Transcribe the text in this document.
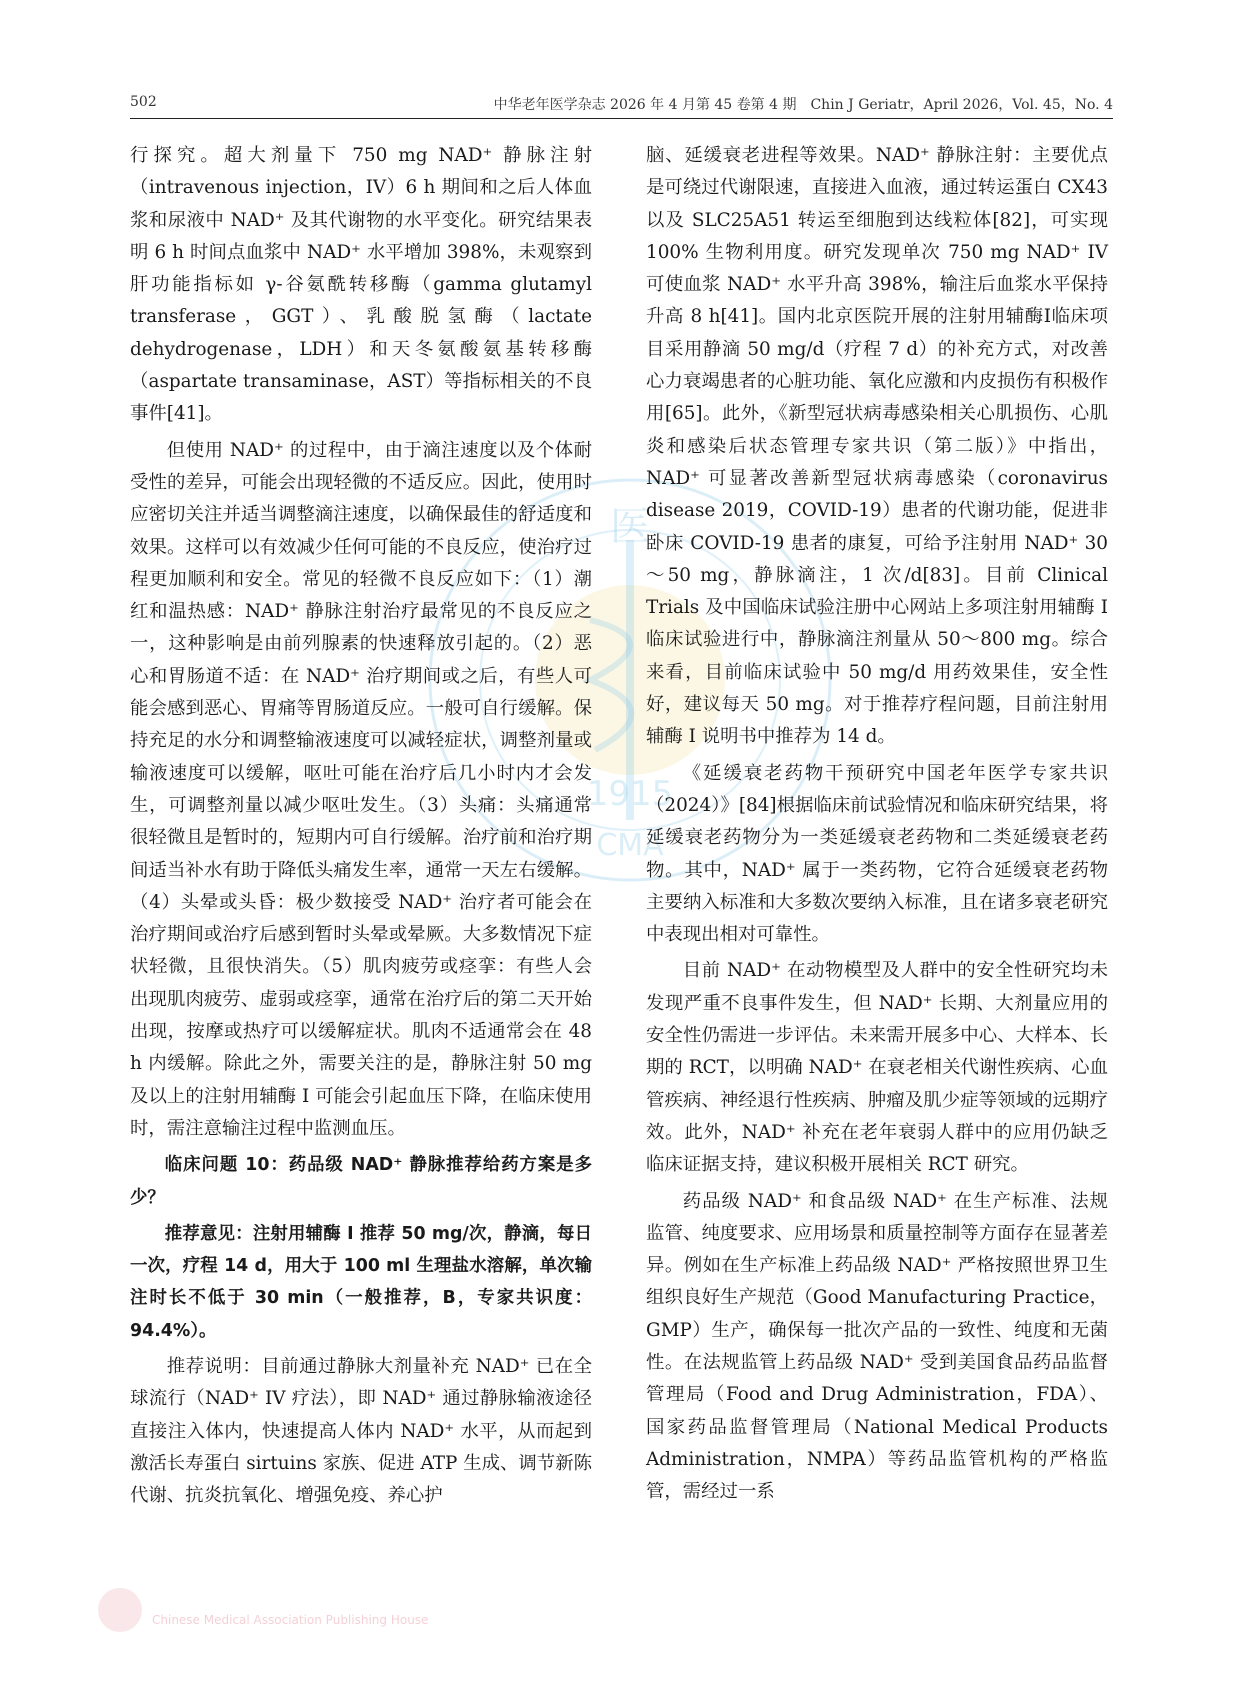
502	中华老年医学杂志 2026 年 4 月第 45 卷第 4 期　Chin J Geriatr，April 2026，Vol. 45，No. 4
医
1915
CMA

行探究。超大剂量下 750 mg NAD⁺ 静脉注射（intravenous injection，IV）6 h 期间和之后人体血浆和尿液中 NAD⁺ 及其代谢物的水平变化。研究结果表明 6 h 时间点血浆中 NAD⁺ 水平增加 398%，未观察到肝功能指标如 γ-谷氨酰转移酶（gamma glutamyl transferase，GGT）、乳酸脱氢酶（lactate dehydrogenase，LDH）和天冬氨酸氨基转移酶（aspartate transaminase，AST）等指标相关的不良事件[41]。

但使用 NAD⁺ 的过程中，由于滴注速度以及个体耐受性的差异，可能会出现轻微的不适反应。因此，使用时应密切关注并适当调整滴注速度，以确保最佳的舒适度和效果。这样可以有效减少任何可能的不良反应，使治疗过程更加顺利和安全。常见的轻微不良反应如下：（1）潮红和温热感：NAD⁺ 静脉注射治疗最常见的不良反应之一，这种影响是由前列腺素的快速释放引起的。（2）恶心和胃肠道不适：在 NAD⁺ 治疗期间或之后，有些人可能会感到恶心、胃痛等胃肠道反应。一般可自行缓解。保持充足的水分和调整输液速度可以减轻症状，调整剂量或输液速度可以缓解，呕吐可能在治疗后几小时内才会发生，可调整剂量以减少呕吐发生。（3）头痛：头痛通常很轻微且是暂时的，短期内可自行缓解。治疗前和治疗期间适当补水有助于降低头痛发生率，通常一天左右缓解。（4）头晕或头昏：极少数接受 NAD⁺ 治疗者可能会在治疗期间或治疗后感到暂时头晕或晕厥。大多数情况下症状轻微，且很快消失。（5）肌肉疲劳或痉挛：有些人会出现肌肉疲劳、虚弱或痉挛，通常在治疗后的第二天开始出现，按摩或热疗可以缓解症状。肌肉不适通常会在 48 h 内缓解。除此之外，需要关注的是，静脉注射 50 mg 及以上的注射用辅酶 I 可能会引起血压下降，在临床使用时，需注意输注过程中监测血压。

临床问题 10：药品级 NAD⁺ 静脉推荐给药方案是多少？

推荐意见：注射用辅酶 I 推荐 50 mg/次，静滴，每日一次，疗程 14 d，用大于 100 ml 生理盐水溶解，单次输注时长不低于 30 min（一般推荐，B，专家共识度：94.4%）。

推荐说明：目前通过静脉大剂量补充 NAD⁺ 已在全球流行（NAD⁺ IV 疗法），即 NAD⁺ 通过静脉输液途径直接注入体内，快速提高人体内 NAD⁺ 水平，从而起到激活长寿蛋白 sirtuins 家族、促进 ATP 生成、调节新陈代谢、抗炎抗氧化、增强免疫、养心护

脑、延缓衰老进程等效果。NAD⁺ 静脉注射：主要优点是可绕过代谢限速，直接进入血液，通过转运蛋白 CX43 以及 SLC25A51 转运至细胞到达线粒体[82]，可实现 100% 生物利用度。研究发现单次 750 mg NAD⁺ IV 可使血浆 NAD⁺ 水平升高 398%，输注后血浆水平保持升高 8 h[41]。国内北京医院开展的注射用辅酶Ⅰ临床项目采用静滴 50 mg/d（疗程 7 d）的补充方式，对改善心力衰竭患者的心脏功能、氧化应激和内皮损伤有积极作用[65]。此外，《新型冠状病毒感染相关心肌损伤、心肌炎和感染后状态管理专家共识（第二版）》中指出，NAD⁺ 可显著改善新型冠状病毒感染（coronavirus disease 2019，COVID-19）患者的代谢功能，促进非卧床 COVID-19 患者的康复，可给予注射用 NAD⁺ 30～50 mg，静脉滴注，1 次/d[83]。目前 Clinical Trials 及中国临床试验注册中心网站上多项注射用辅酶 I 临床试验进行中，静脉滴注剂量从 50～800 mg。综合来看，目前临床试验中 50 mg/d 用药效果佳，安全性好，建议每天 50 mg。对于推荐疗程问题，目前注射用辅酶 I 说明书中推荐为 14 d。

《延缓衰老药物干预研究中国老年医学专家共识（2024）》[84]根据临床前试验情况和临床研究结果，将延缓衰老药物分为一类延缓衰老药物和二类延缓衰老药物。其中，NAD⁺ 属于一类药物，它符合延缓衰老药物主要纳入标准和大多数次要纳入标准，且在诸多衰老研究中表现出相对可靠性。

目前 NAD⁺ 在动物模型及人群中的安全性研究均未发现严重不良事件发生，但 NAD⁺ 长期、大剂量应用的安全性仍需进一步评估。未来需开展多中心、大样本、长期的 RCT，以明确 NAD⁺ 在衰老相关代谢性疾病、心血管疾病、神经退行性疾病、肿瘤及肌少症等领域的远期疗效。此外，NAD⁺ 补充在老年衰弱人群中的应用仍缺乏临床证据支持，建议积极开展相关 RCT 研究。

药品级 NAD⁺ 和食品级 NAD⁺ 在生产标准、法规监管、纯度要求、应用场景和质量控制等方面存在显著差异。例如在生产标准上药品级 NAD⁺ 严格按照世界卫生组织良好生产规范（Good Manufacturing Practice，GMP）生产，确保每一批次产品的一致性、纯度和无菌性。在法规监管上药品级 NAD⁺ 受到美国食品药品监督管理局（Food and Drug Administration，FDA）、国家药品监督管理局（National Medical Products Administration，NMPA）等药品监管机构的严格监管，需经过一系

Chinese Medical Association Publishing House
